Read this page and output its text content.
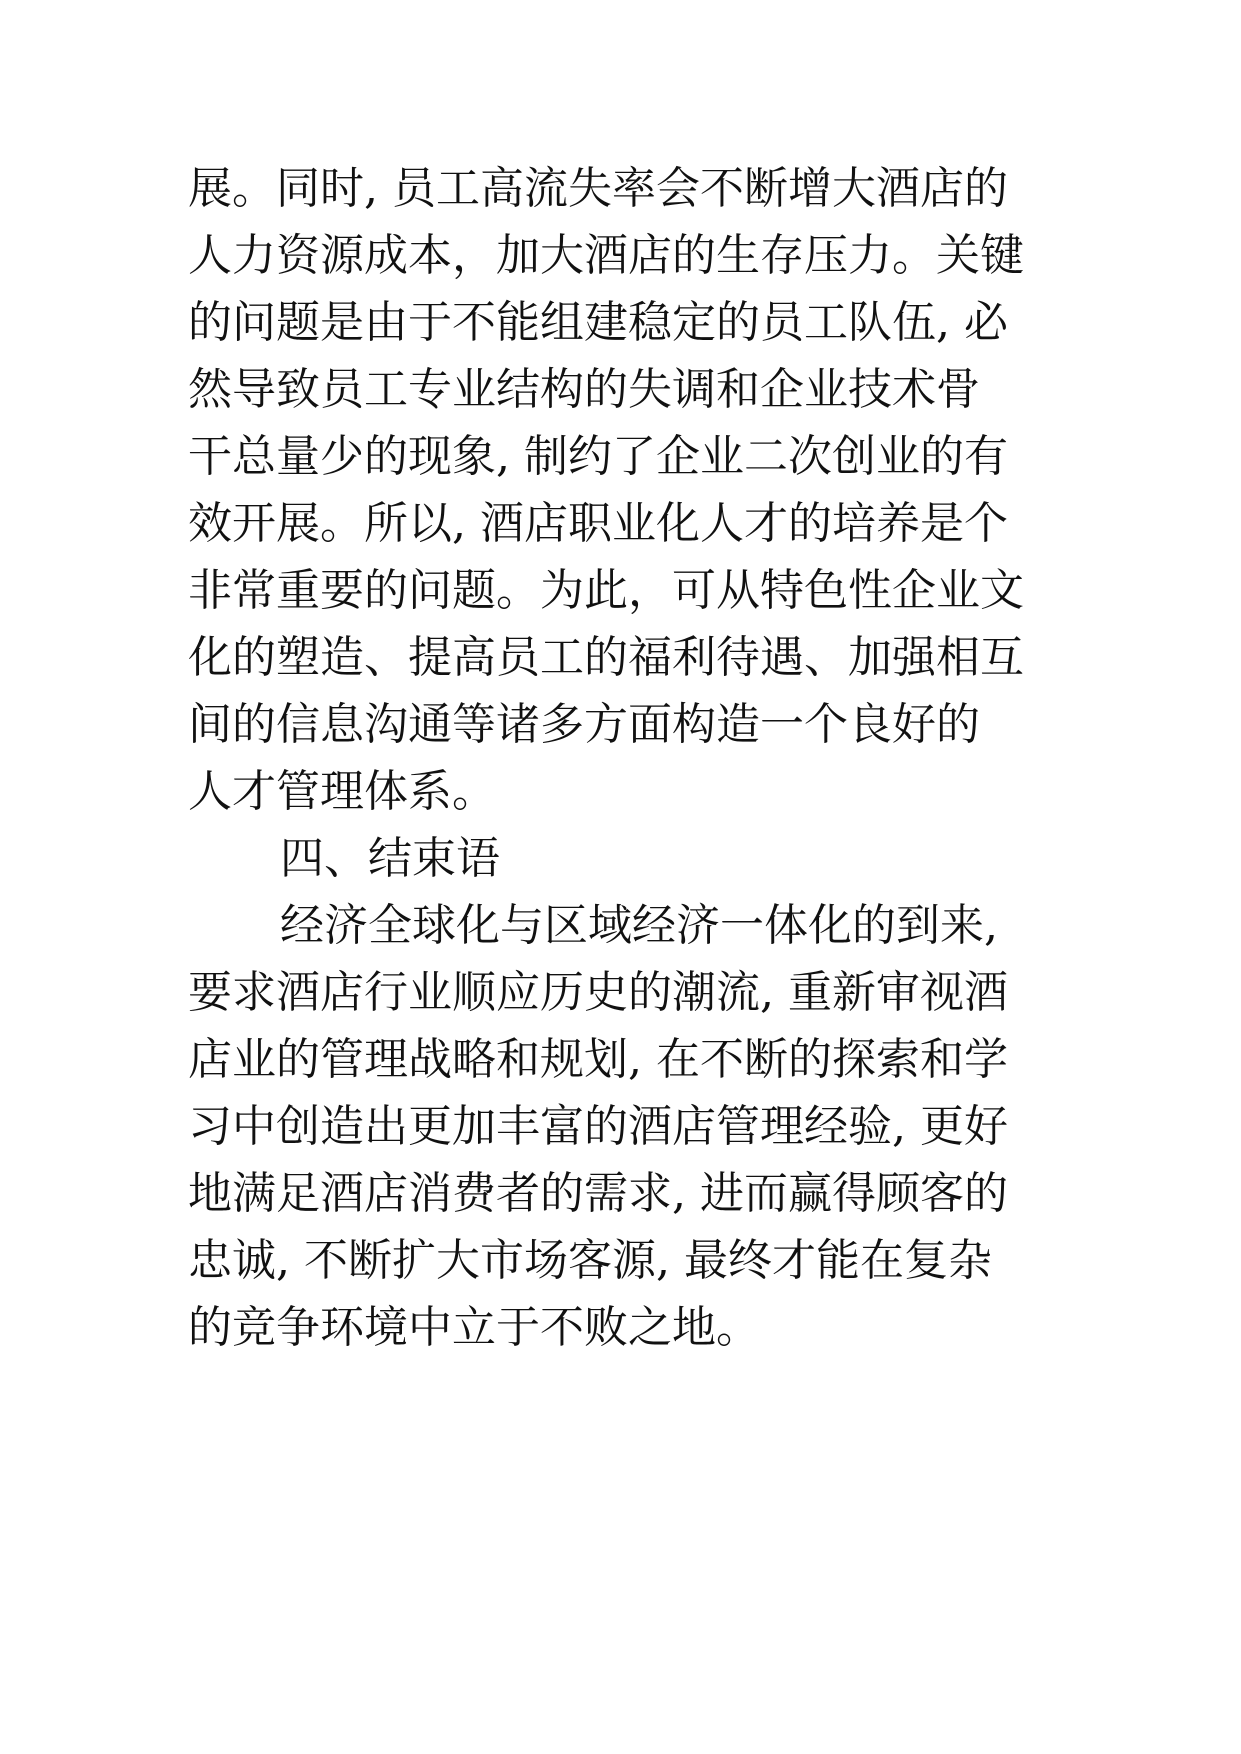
展。同时, 员工高流失率会不断增大酒店的
人力资源成本，加大酒店的生存压力。关键
的问题是由于不能组建稳定的员工队伍, 必
然导致员工专业结构的失调和企业技术骨
干总量少的现象, 制约了企业二次创业的有
效开展。所以, 酒店职业化人才的培养是个
非常重要的问题。为此，可从特色性企业文
化的塑造、提高员工的福利待遇、加强相互
间的信息沟通等诸多方面构造一个良好的
人才管理体系。
四、结束语
经济全球化与区域经济一体化的到来,
要求酒店行业顺应历史的潮流, 重新审视酒
店业的管理战略和规划, 在不断的探索和学
习中创造出更加丰富的酒店管理经验, 更好
地满足酒店消费者的需求, 进而赢得顾客的
忠诚, 不断扩大市场客源, 最终才能在复杂
的竞争环境中立于不败之地。
